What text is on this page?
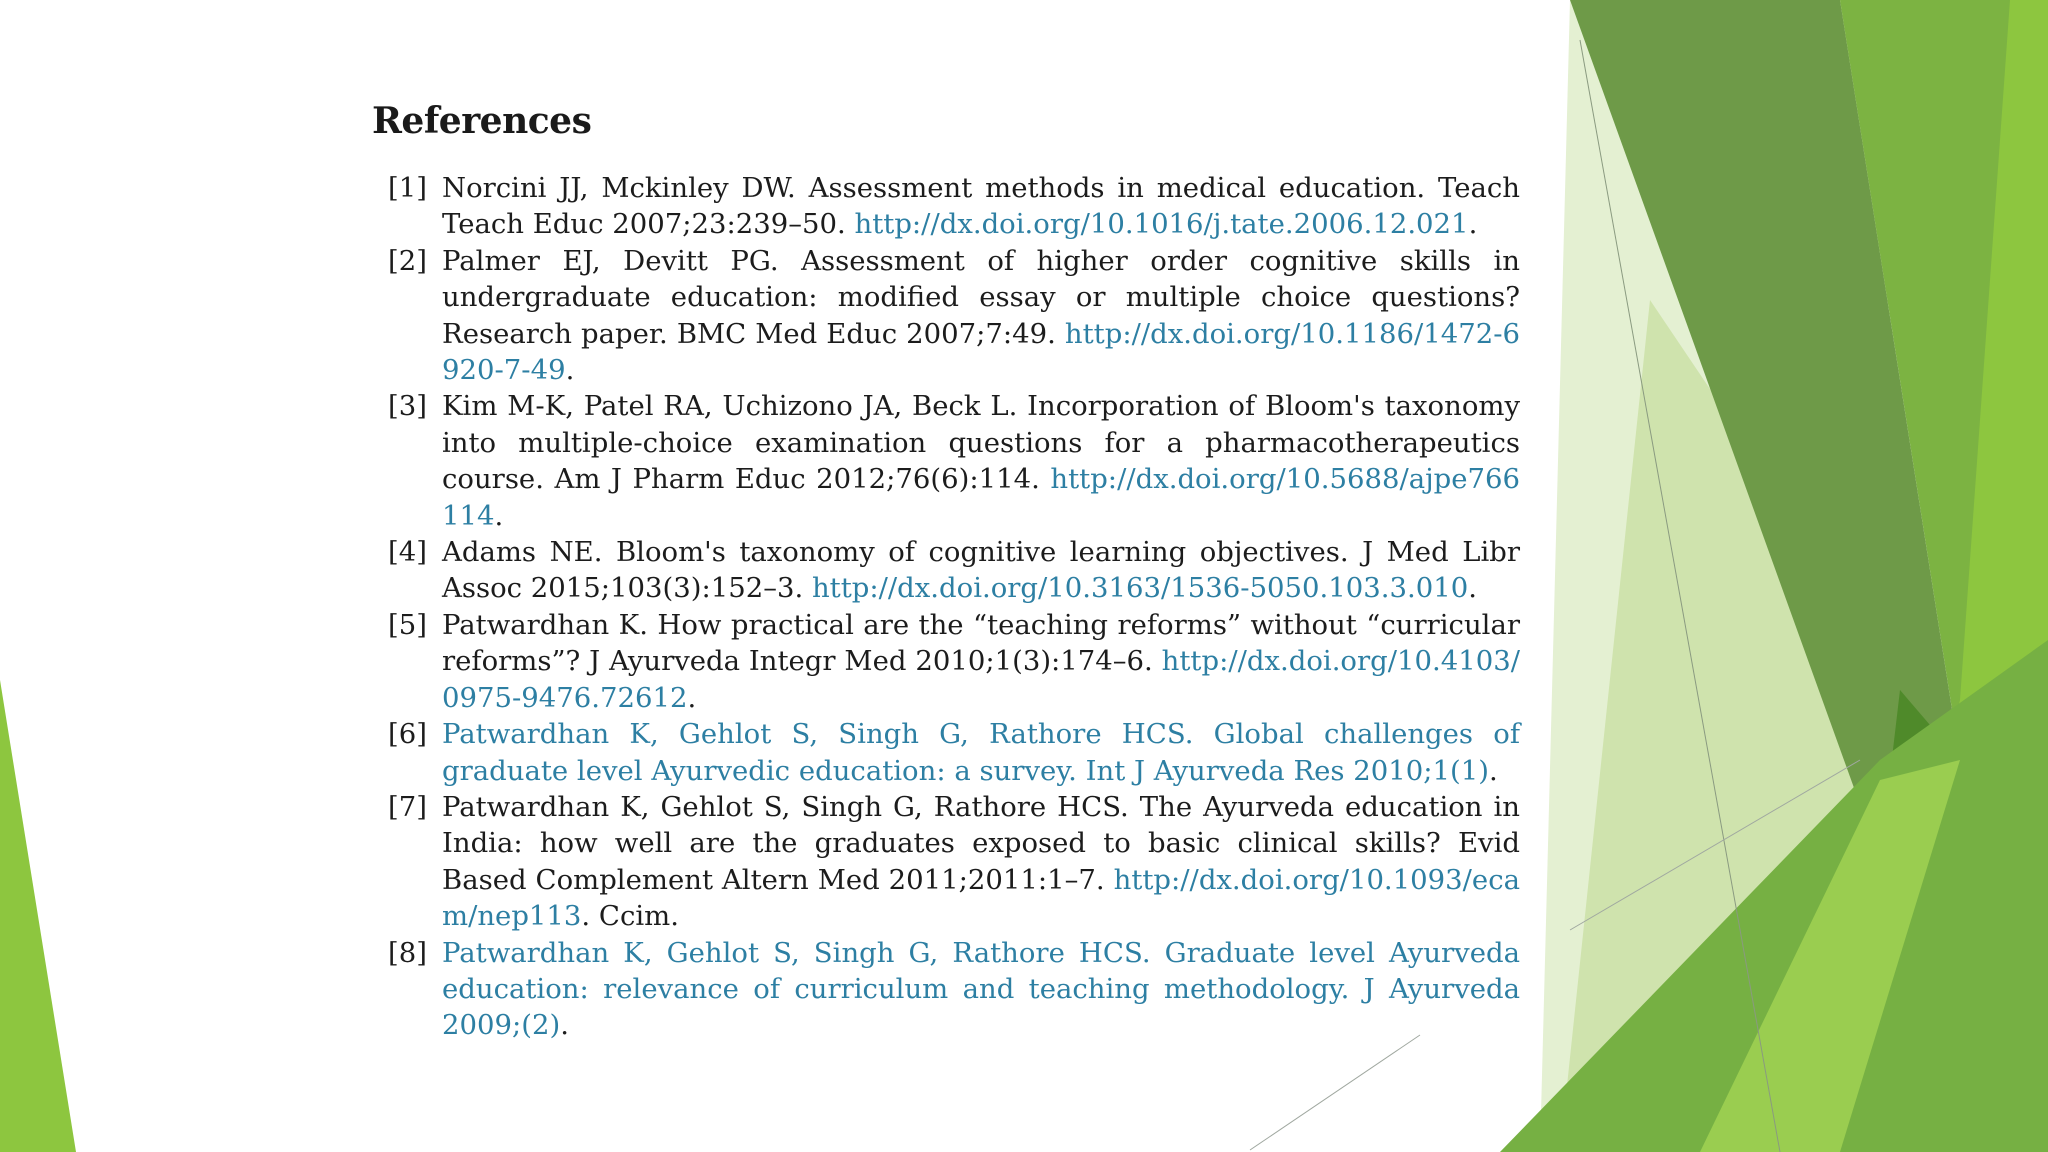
References
[1] Norcini JJ, Mckinley DW. Assessment methods in medical education. Teach Teach Educ 2007;23:239–50. http://dx.doi.org/10.1016/j.tate.2006.12.021.
[2] Palmer EJ, Devitt PG. Assessment of higher order cognitive skills in undergraduate education: modified essay or multiple choice questions? Research paper. BMC Med Educ 2007;7:49. http://dx.doi.org/10.1186/1472-6920-7-49.
[3] Kim M-K, Patel RA, Uchizono JA, Beck L. Incorporation of Bloom's taxonomy into multiple-choice examination questions for a pharmacotherapeutics course. Am J Pharm Educ 2012;76(6):114. http://dx.doi.org/10.5688/ajpe766114.
[4] Adams NE. Bloom's taxonomy of cognitive learning objectives. J Med Libr Assoc 2015;103(3):152–3. http://dx.doi.org/10.3163/1536-5050.103.3.010.
[5] Patwardhan K. How practical are the “teaching reforms” without “curricular reforms”? J Ayurveda Integr Med 2010;1(3):174–6. http://dx.doi.org/10.4103/0975-9476.72612.
[6] Patwardhan K, Gehlot S, Singh G, Rathore HCS. Global challenges of graduate level Ayurvedic education: a survey. Int J Ayurveda Res 2010;1(1).
[7] Patwardhan K, Gehlot S, Singh G, Rathore HCS. The Ayurveda education in India: how well are the graduates exposed to basic clinical skills? Evid Based Complement Altern Med 2011;2011:1–7. http://dx.doi.org/10.1093/ecam/nep113. Ccim.
[8] Patwardhan K, Gehlot S, Singh G, Rathore HCS. Graduate level Ayurveda education: relevance of curriculum and teaching methodology. J Ayurveda 2009;(2).
